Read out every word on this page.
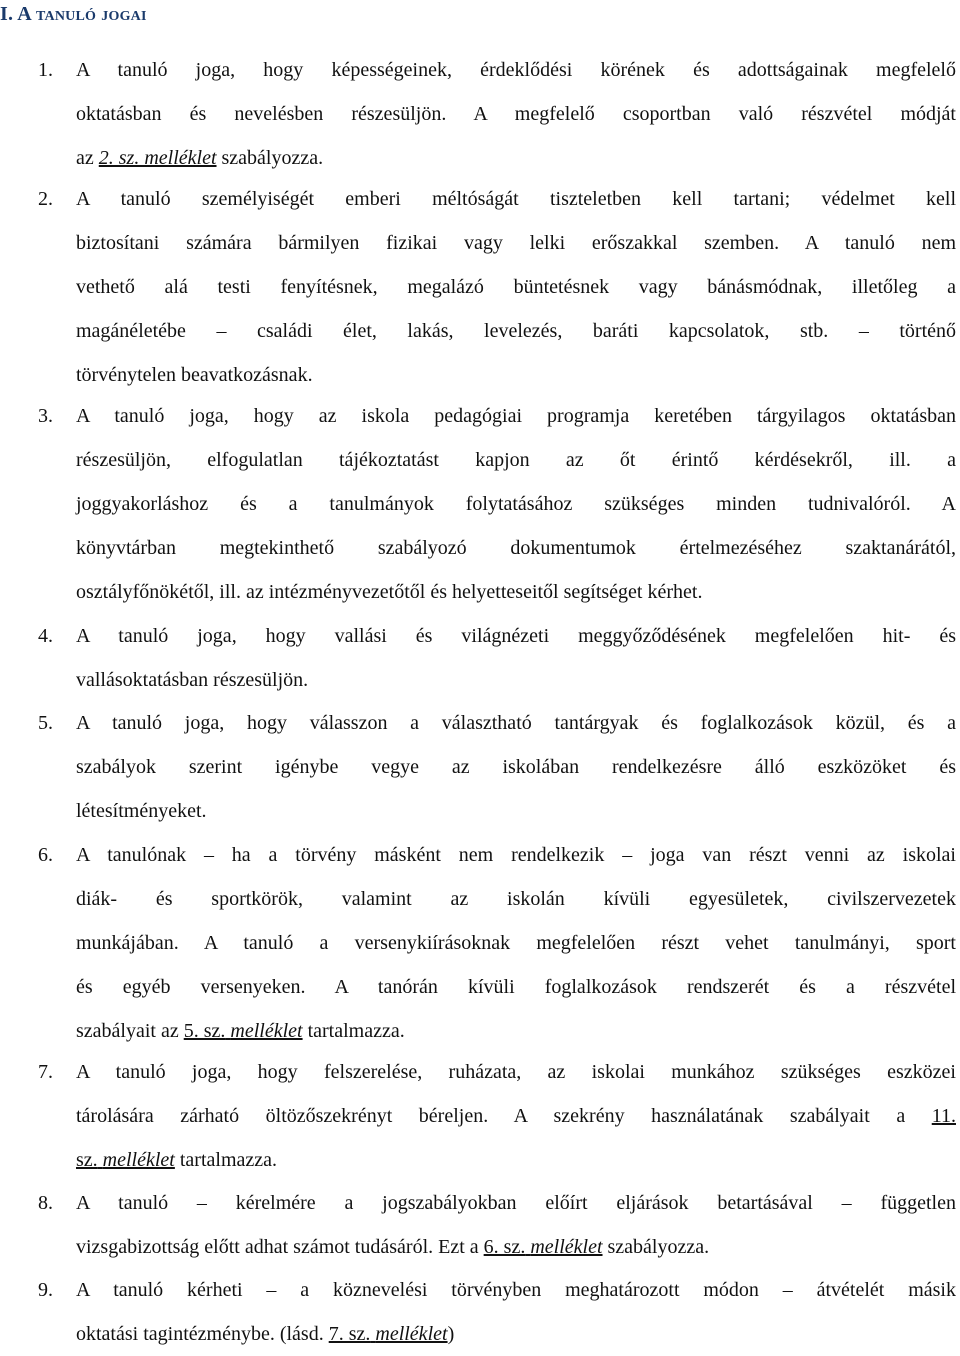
I. A tanuló jogai
1. A tanuló joga, hogy képességeinek, érdeklődési körének és adottságainak megfelelő
oktatásban és nevelésben részesüljön. A megfelelő csoportban való részvétel módját
az 2. sz. melléklet szabályozza.
2. A tanuló személyiségét emberi méltóságát tiszteletben kell tartani; védelmet kell
biztosítani számára bármilyen fizikai vagy lelki erőszakkal szemben. A tanuló nem
vethető alá testi fenyítésnek, megalázó büntetésnek vagy bánásmódnak, illetőleg a
magánéletébe – családi élet, lakás, levelezés, baráti kapcsolatok, stb. – történő
törvénytelen beavatkozásnak.
3. A tanuló joga, hogy az iskola pedagógiai programja keretében tárgyilagos oktatásban
részesüljön, elfogulatlan tájékoztatást kapjon az őt érintő kérdésekről, ill. a
joggyakorláshoz és a tanulmányok folytatásához szükséges minden tudnivalóról. A
könyvtárban megtekinthető szabályozó dokumentumok értelmezéséhez szaktanárától,
osztályfőnökétől, ill. az intézményvezetőtől és helyetteseitől segítséget kérhet.
4. A tanuló joga, hogy vallási és világnézeti meggyőződésének megfelelően hit- és
vallásoktatásban részesüljön.
5. A tanuló joga, hogy válasszon a választható tantárgyak és foglalkozások közül, és a
szabályok szerint igénybe vegye az iskolában rendelkezésre álló eszközöket és
létesítményeket.
6. A tanulónak – ha a törvény másként nem rendelkezik – joga van részt venni az iskolai
diák- és sportkörök, valamint az iskolán kívüli egyesületek, civilszervezetek
munkájában. A tanuló a versenykiírásoknak megfelelően részt vehet tanulmányi, sport
és egyéb versenyeken. A tanórán kívüli foglalkozások rendszerét és a részvétel
szabályait az 5. sz. melléklet tartalmazza.
7. A tanuló joga, hogy felszerelése, ruházata, az iskolai munkához szükséges eszközei
tárolására zárható öltözőszekrényt béreljen. A szekrény használatának szabályait a 11.
sz. melléklet tartalmazza.
8. A tanuló – kérelmére a jogszabályokban előírt eljárások betartásával – független
vizsgabizottság előtt adhat számot tudásáról. Ezt a 6. sz. melléklet szabályozza.
9. A tanuló kérheti – a köznevelési törvényben meghatározott módon – átvételét másik
oktatási tagintézménybe. (lásd. 7. sz. melléklet)
